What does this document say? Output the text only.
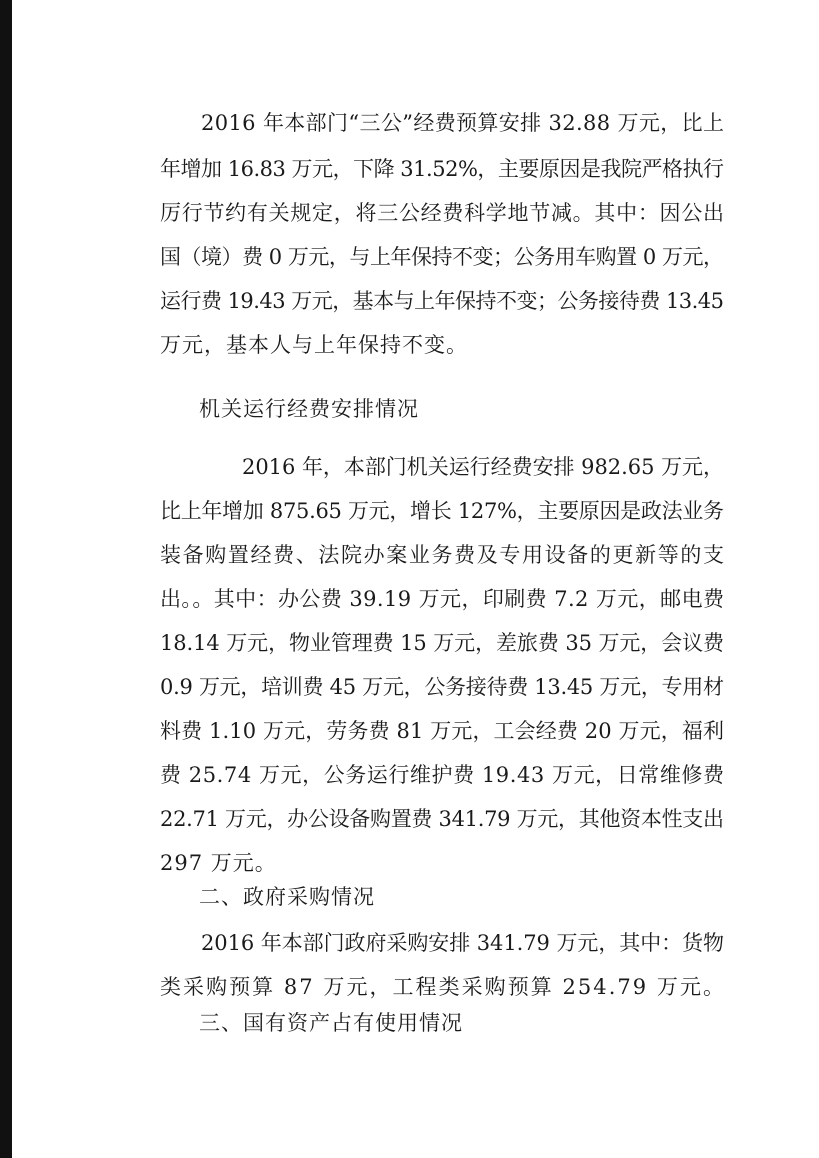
2016 年本部门“三公”经费预算安排 32.88 万元，比上
年增加 16.83 万元，下降 31.52%，主要原因是我院严格执行
厉行节约有关规定，将三公经费科学地节减。其中：因公出
国（境）费 0 万元，与上年保持不变；公务用车购置 0 万元，
运行费 19.43 万元，基本与上年保持不变；公务接待费 13.45
万元，基本人与上年保持不变。
机关运行经费安排情况
2016 年，本部门机关运行经费安排 982.65 万元，
比上年增加 875.65 万元，增长 127%，主要原因是政法业务
装备购置经费、法院办案业务费及专用设备的更新等的支
出。。其中：办公费 39.19 万元，印刷费 7.2 万元，邮电费
18.14 万元，物业管理费 15 万元，差旅费 35 万元，会议费
0.9 万元，培训费 45 万元，公务接待费 13.45 万元，专用材
料费 1.10 万元，劳务费 81 万元，工会经费 20 万元，福利
费 25.74 万元，公务运行维护费 19.43 万元，日常维修费
22.71 万元，办公设备购置费 341.79 万元，其他资本性支出
297 万元。
二、政府采购情况
2016 年本部门政府采购安排 341.79 万元，其中：货物
类采购预算 87 万元，工程类采购预算 254.79 万元。
三、国有资产占有使用情况
